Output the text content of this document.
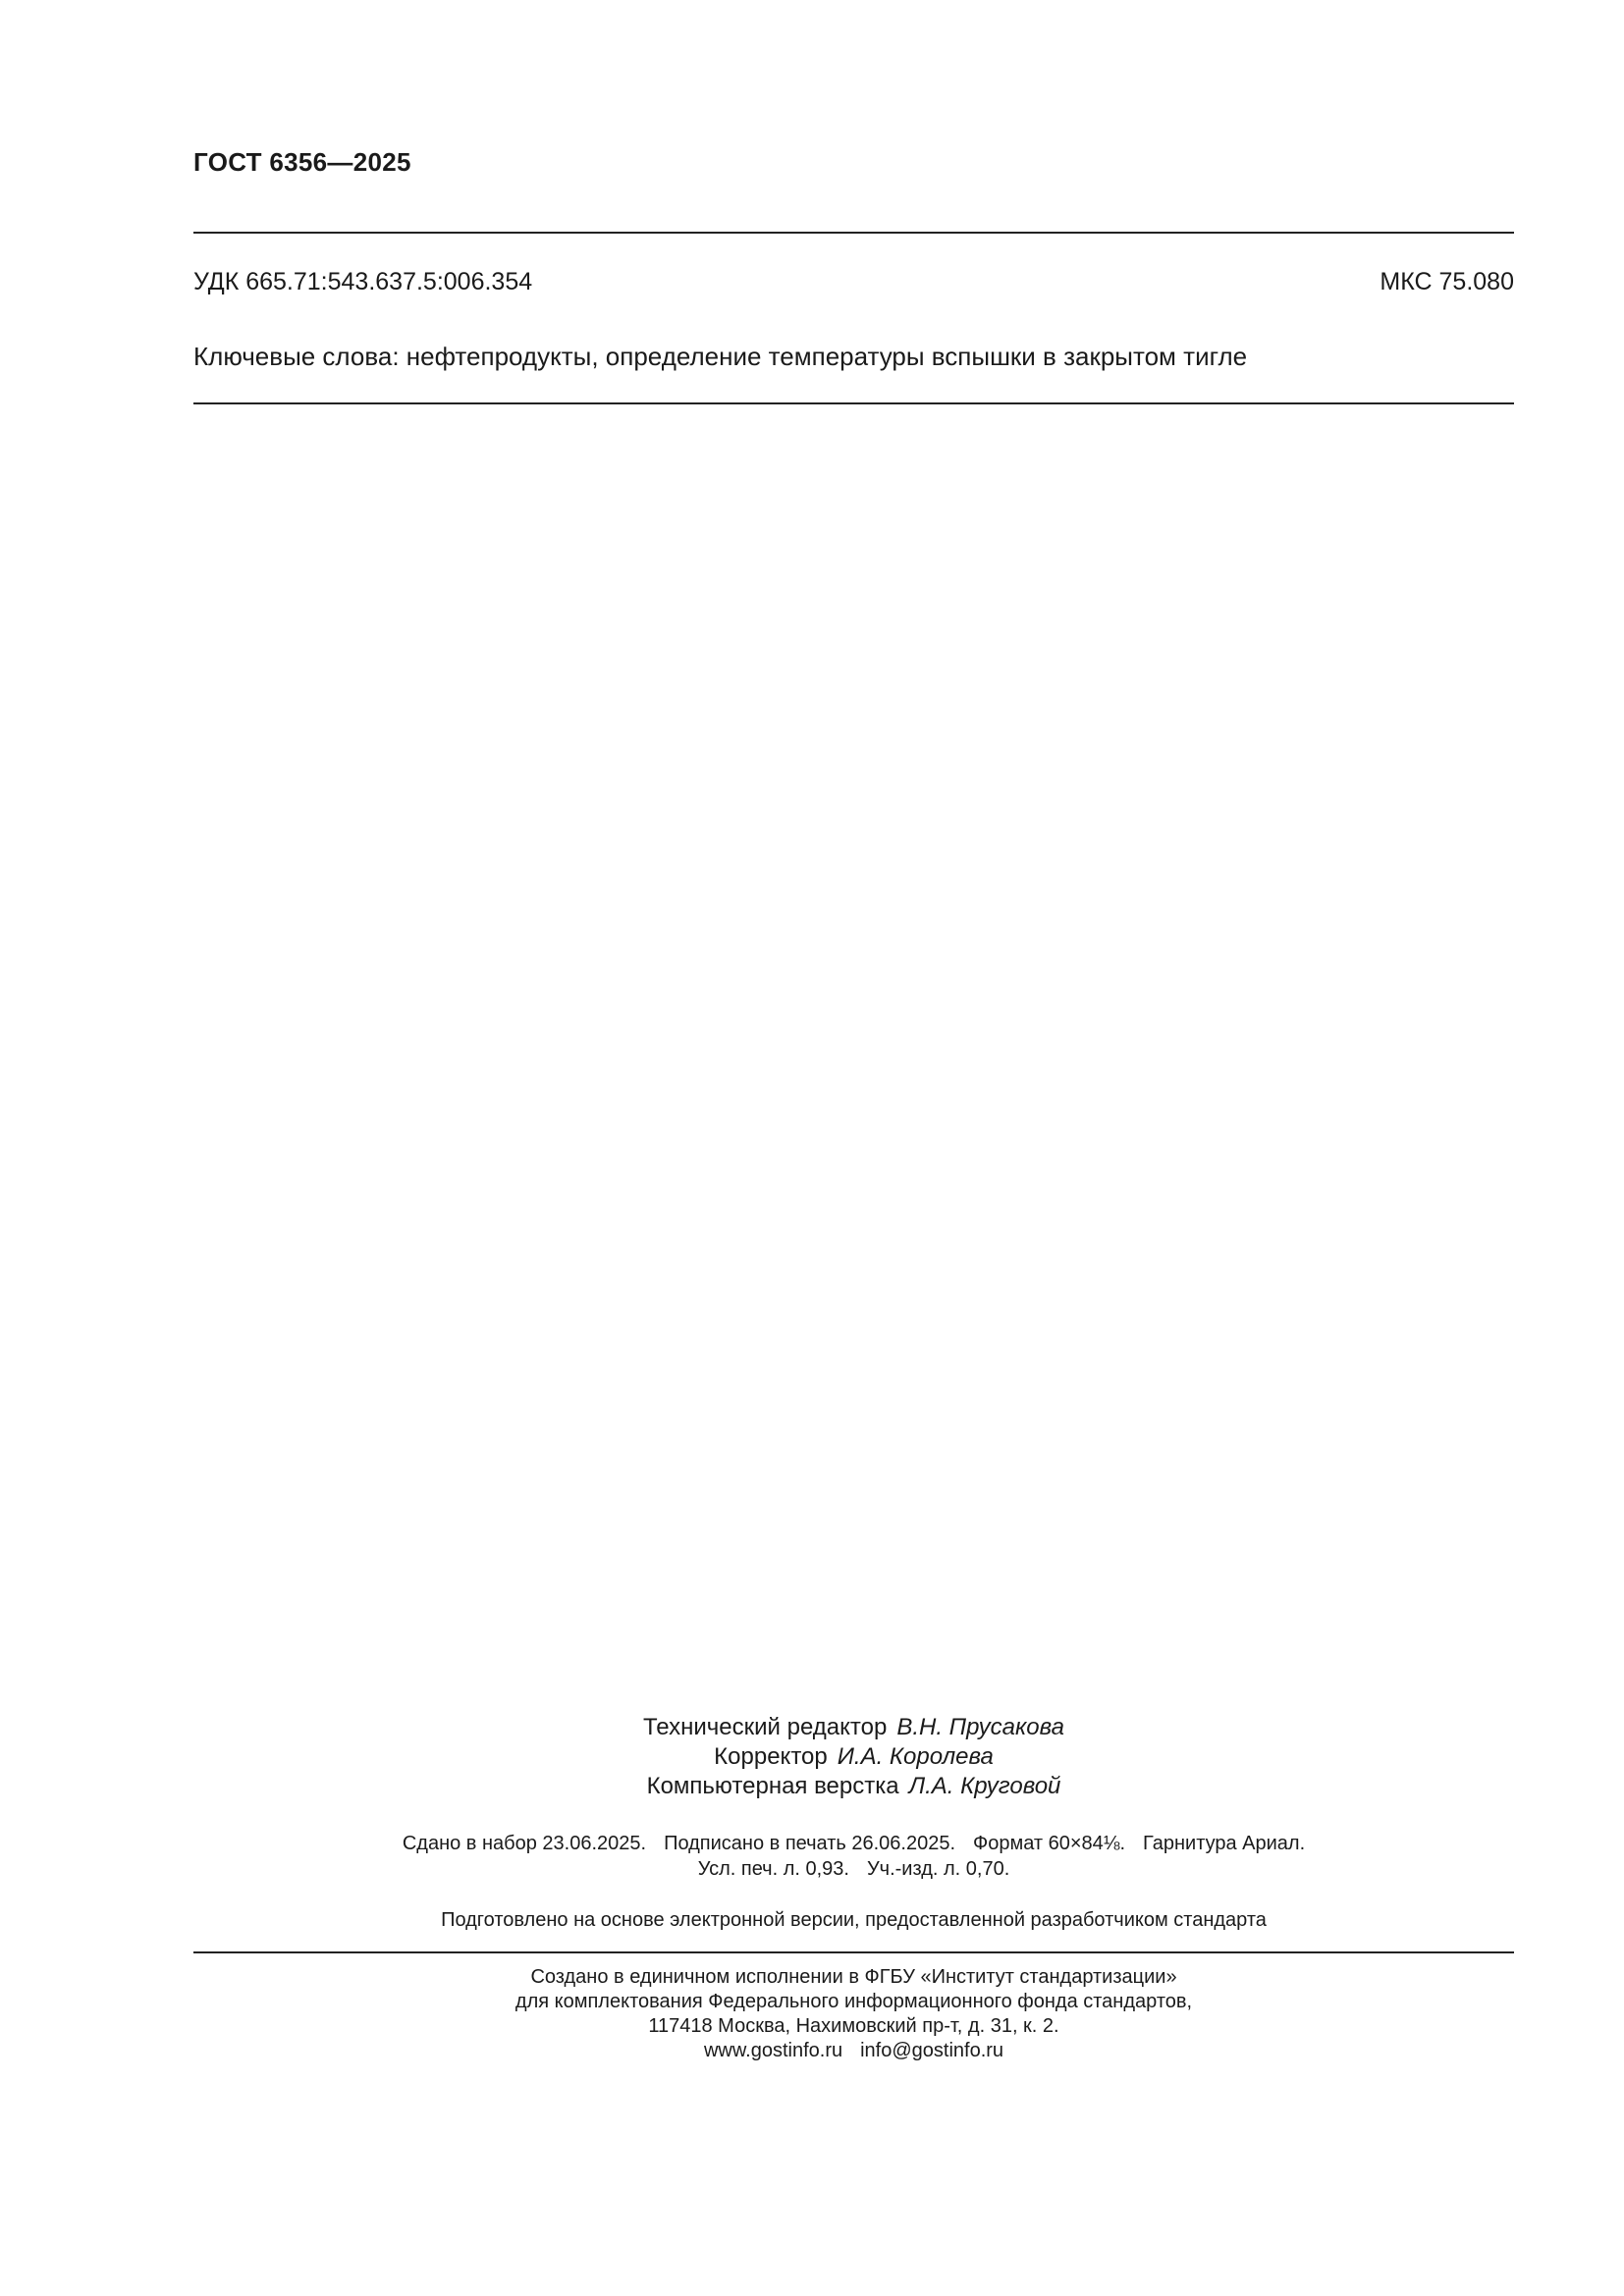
ГОСТ 6356—2025
УДК 665.71:543.637.5:006.354	МКС 75.080
Ключевые слова: нефтепродукты, определение температуры вспышки в закрытом тигле
Технический редактор В.Н. Прусакова
Корректор И.А. Королева
Компьютерная верстка Л.А. Круговой
Сдано в набор 23.06.2025. Подписано в печать 26.06.2025. Формат 60×84⅛. Гарнитура Ариал.
Усл. печ. л. 0,93. Уч.-изд. л. 0,70.
Подготовлено на основе электронной версии, предоставленной разработчиком стандарта
Создано в единичном исполнении в ФГБУ «Институт стандартизации»
для комплектования Федерального информационного фонда стандартов,
117418 Москва, Нахимовский пр-т, д. 31, к. 2.
www.gostinfo.ru info@gostinfo.ru
